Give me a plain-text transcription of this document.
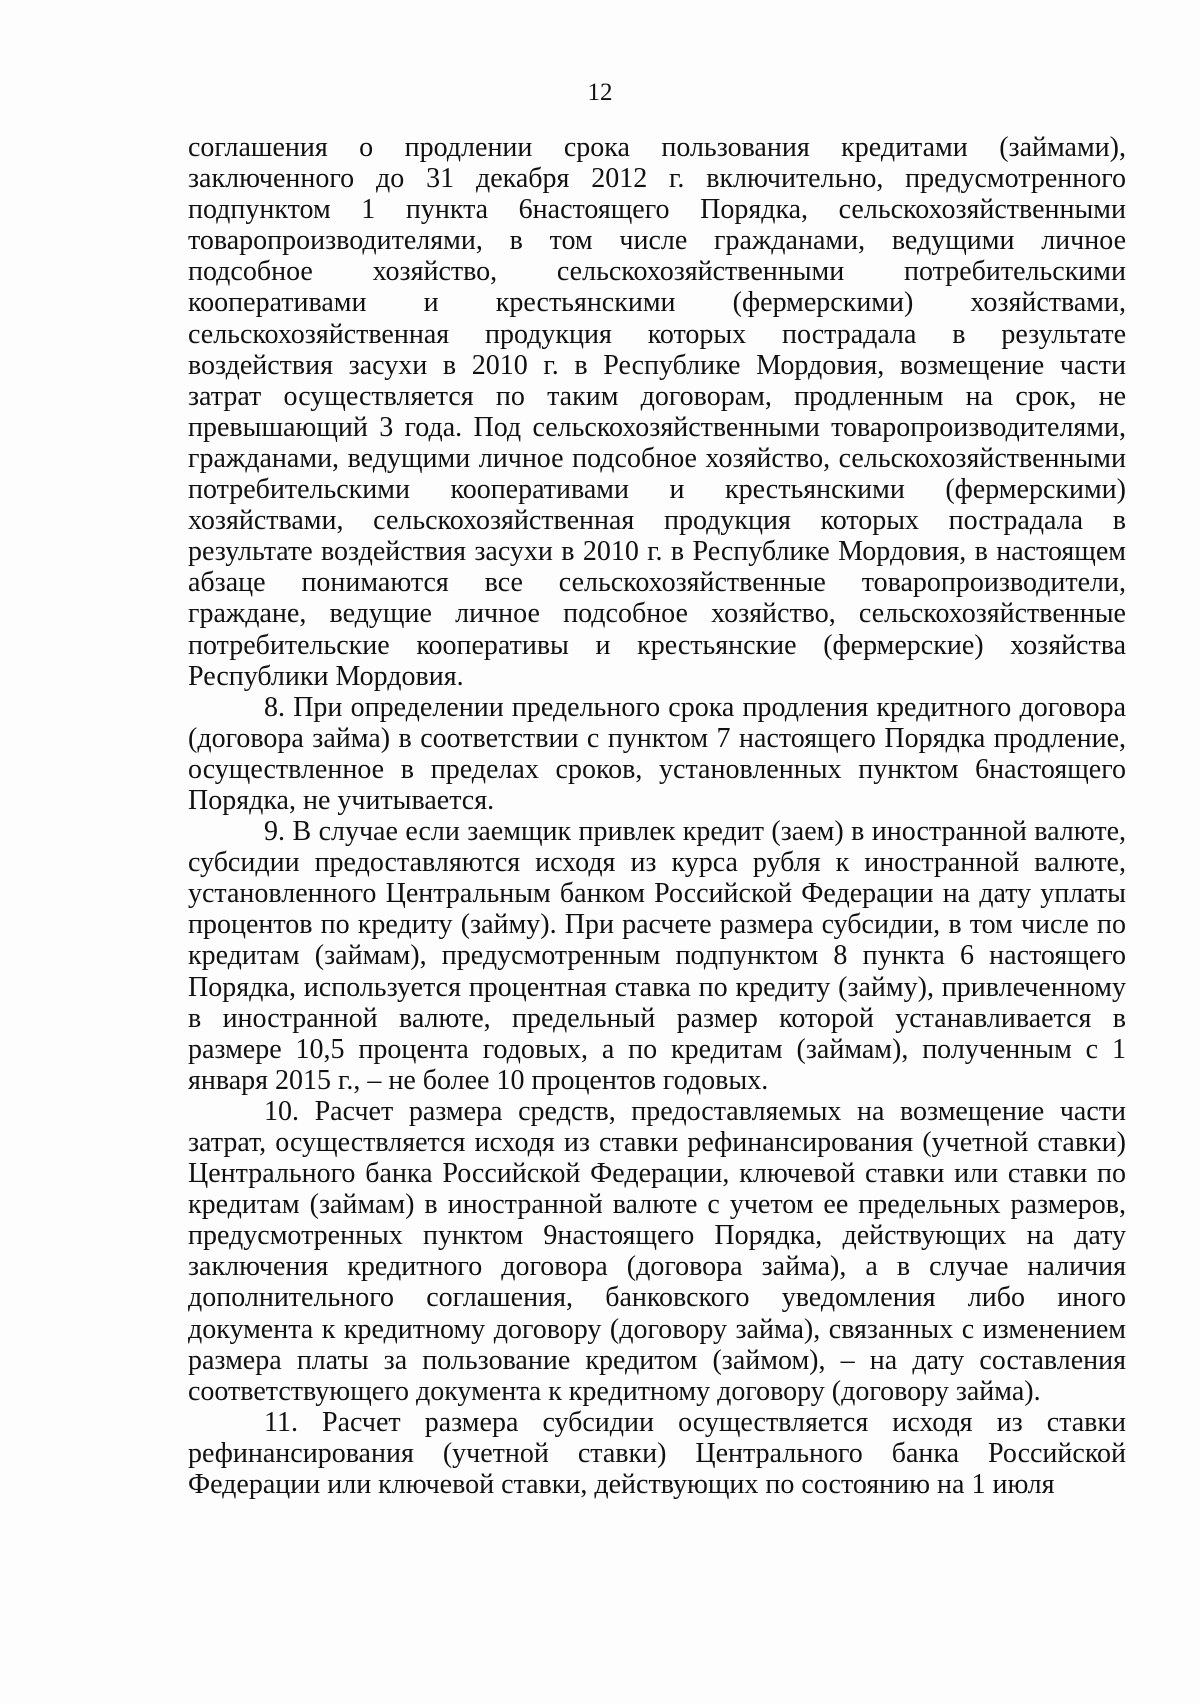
12

соглашения о продлении срока пользования кредитами (займами), заключенного до 31 декабря 2012 г. включительно, предусмотренного подпунктом 1 пункта 6настоящего Порядка, сельскохозяйственными товаропроизводителями, в том числе гражданами, ведущими личное подсобное хозяйство, сельскохозяйственными потребительскими кооперативами и крестьянскими (фермерскими) хозяйствами, сельскохозяйственная продукция которых пострадала в результате воздействия засухи в 2010 г. в Республике Мордовия, возмещение части затрат осуществляется по таким договорам, продленным на срок, не превышающий 3 года. Под сельскохозяйственными товаропроизводителями, гражданами, ведущими личное подсобное хозяйство, сельскохозяйственными потребительскими кооперативами и крестьянскими (фермерскими) хозяйствами, сельскохозяйственная продукция которых пострадала в результате воздействия засухи в 2010 г. в Республике Мордовия, в настоящем абзаце понимаются все сельскохозяйственные товаропроизводители, граждане, ведущие личное подсобное хозяйство, сельскохозяйственные потребительские кооперативы и крестьянские (фермерские) хозяйства Республики Мордовия.

8. При определении предельного срока продления кредитного договора (договора займа) в соответствии с пунктом 7 настоящего Порядка продление, осуществленное в пределах сроков, установленных пунктом 6настоящего Порядка, не учитывается.

9. В случае если заемщик привлек кредит (заем) в иностранной валюте, субсидии предоставляются исходя из курса рубля к иностранной валюте, установленного Центральным банком Российской Федерации на дату уплаты процентов по кредиту (займу). При расчете размера субсидии, в том числе по кредитам (займам), предусмотренным подпунктом 8 пункта 6 настоящего Порядка, используется процентная ставка по кредиту (займу), привлеченному в иностранной валюте, предельный размер которой устанавливается в размере 10,5 процента годовых, а по кредитам (займам), полученным с 1 января 2015 г., – не более 10 процентов годовых.

10. Расчет размера средств, предоставляемых на возмещение части затрат, осуществляется исходя из ставки рефинансирования (учетной ставки) Центрального банка Российской Федерации, ключевой ставки или ставки по кредитам (займам) в иностранной валюте с учетом ее предельных размеров, предусмотренных пунктом 9настоящего Порядка, действующих на дату заключения кредитного договора (договора займа), а в случае наличия дополнительного соглашения, банковского уведомления либо иного документа к кредитному договору (договору займа), связанных с изменением размера платы за пользование кредитом (займом), – на дату составления соответствующего документа к кредитному договору (договору займа).

11. Расчет размера субсидии осуществляется исходя из ставки рефинансирования (учетной ставки) Центрального банка Российской Федерации или ключевой ставки, действующих по состоянию на 1 июля
